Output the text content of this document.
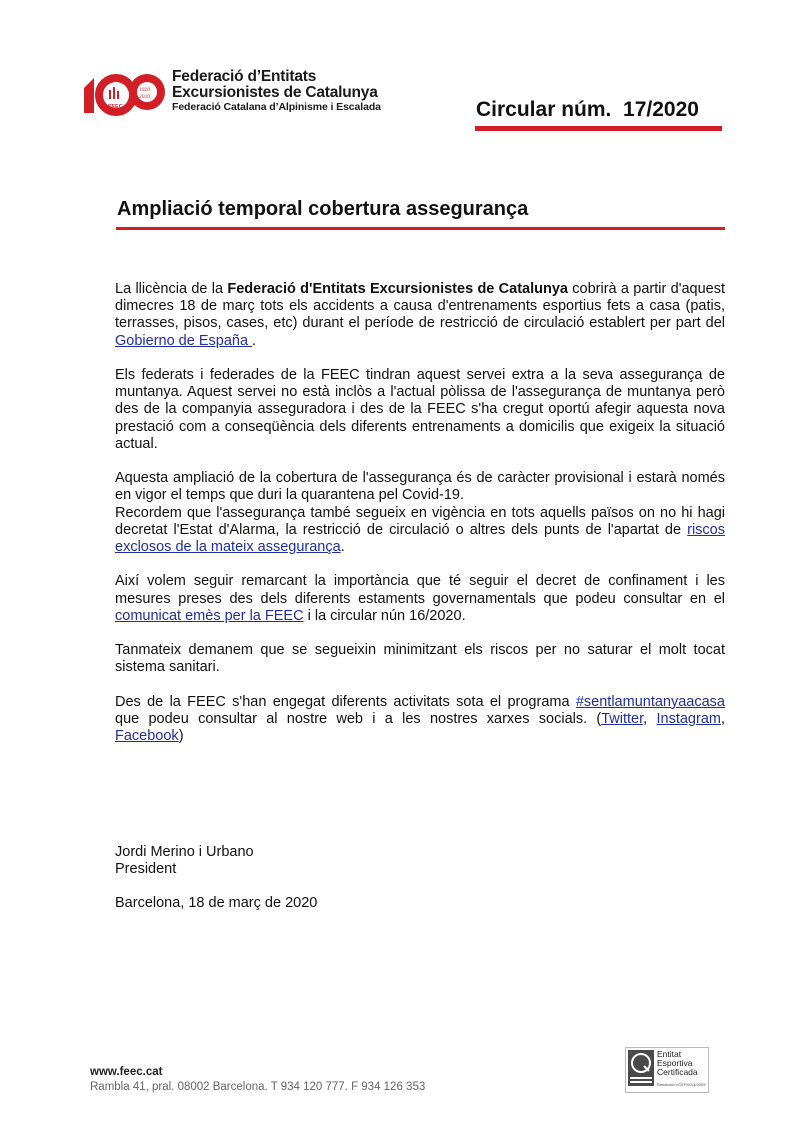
FEEC
1920
2020
Federació d’Entitats
Excursionistes de Catalunya
Federació Catalana d’Alpinisme i Escalada	Circular núm.  17/2020
Ampliació temporal cobertura assegurança

La llicència de la Federació d'Entitats Excursionistes de Catalunya cobrirà a partir d'aquest dimecres 18 de març tots els accidents a causa d'entrenaments esportius fets a casa (patis, terrasses, pisos, cases, etc) durant el període de restricció de circulació establert per part del Gobierno de España .

Els federats i federades de la FEEC tindran aquest servei extra a la seva assegurança de muntanya. Aquest servei no està inclòs a l'actual pòlissa de l'assegurança de muntanya però des de la companyia asseguradora i des de la FEEC s'ha cregut oportú afegir aquesta nova prestació com a conseqüència dels diferents entrenaments a domicilis que exigeix la situació actual.

Aquesta ampliació de la cobertura de l'assegurança és de caràcter provisional i estarà només en vigor el temps que duri la quarantena pel Covid-19.

Recordem que l'assegurança també segueix en vigència en tots aquells països on no hi hagi decretat l'Estat d'Alarma, la restricció de circulació o altres dels punts de l'apartat de riscos exclosos de la mateix assegurança.

Així volem seguir remarcant la importància que té seguir el decret de confinament i les mesures preses des dels diferents estaments governamentals que podeu consultar en el comunicat emès per la FEEC i la circular nún 16/2020.

Tanmateix demanem que se segueixin minimitzant els riscos per no saturar el molt tocat sistema sanitari.

Des de la FEEC s'han engegat diferents activitats sota el programa #sentlamuntanyaacasa que podeu consultar al nostre web i a les nostres xarxes socials. (Twitter, Instagram, Facebook)

Jordi Merino i Urbano
President
Barcelona, 18 de març de 2020
www.feec.cat
Rambla 41, pral. 08002 Barcelona. T 934 120 777. F 934 126 353
Entitat
Esportiva
Certificada
Resolució VCEP/07/4/2009
